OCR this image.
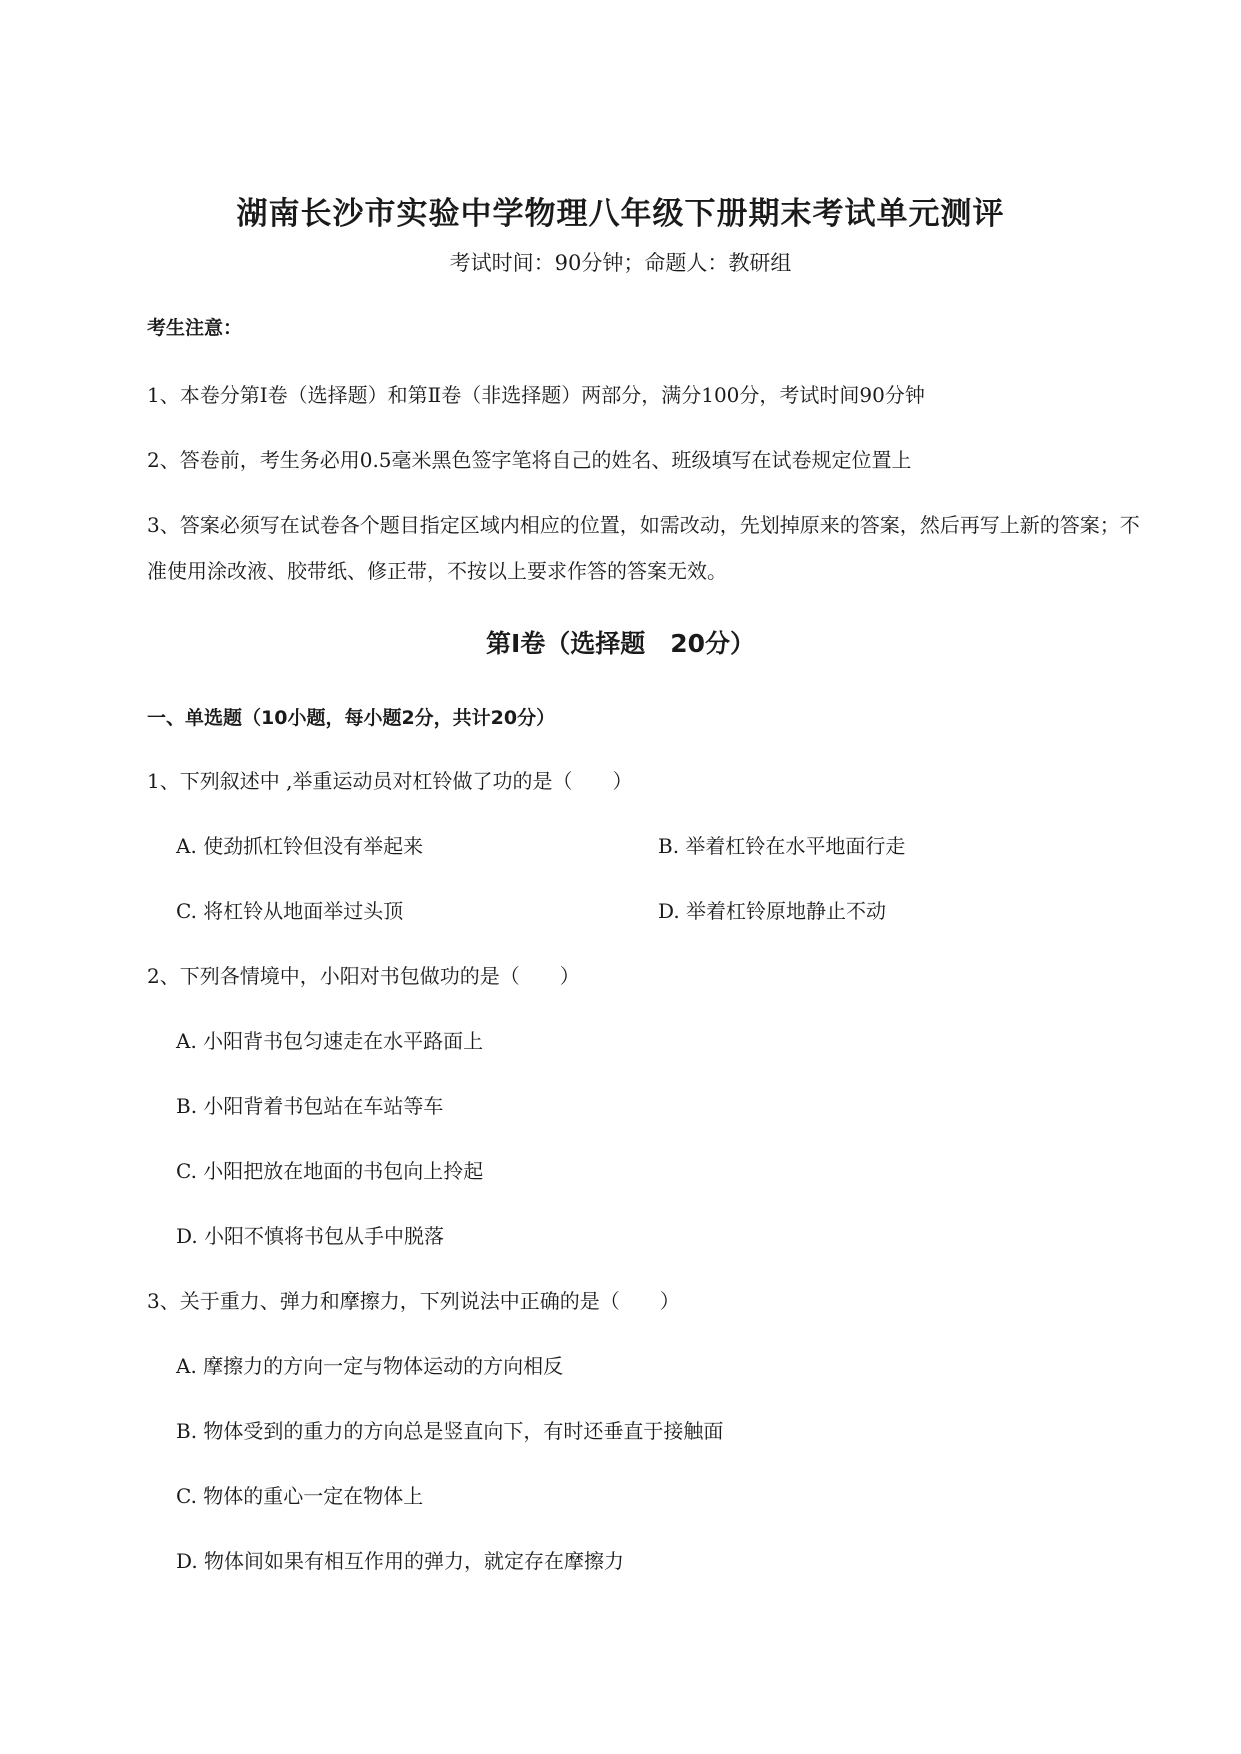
湖南长沙市实验中学物理八年级下册期末考试单元测评
考试时间：90分钟；命题人：教研组
考生注意：
1、本卷分第I卷（选择题）和第Ⅱ卷（非选择题）两部分，满分100分，考试时间90分钟
2、答卷前，考生务必用0.5毫米黑色签字笔将自己的姓名、班级填写在试卷规定位置上
3、答案必须写在试卷各个题目指定区域内相应的位置，如需改动，先划掉原来的答案，然后再写上新的答案；不准使用涂改液、胶带纸、修正带，不按以上要求作答的答案无效。
第I卷（选择题　20分）
一、单选题（10小题，每小题2分，共计20分）
1、下列叙述中 ,举重运动员对杠铃做了功的是（　　）
A. 使劲抓杠铃但没有举起来	B. 举着杠铃在水平地面行走
C. 将杠铃从地面举过头顶	D. 举着杠铃原地静止不动
2、下列各情境中，小阳对书包做功的是（　　）
A. 小阳背书包匀速走在水平路面上
B. 小阳背着书包站在车站等车
C. 小阳把放在地面的书包向上拎起
D. 小阳不慎将书包从手中脱落
3、关于重力、弹力和摩擦力，下列说法中正确的是（　　）
A. 摩擦力的方向一定与物体运动的方向相反
B. 物体受到的重力的方向总是竖直向下，有时还垂直于接触面
C. 物体的重心一定在物体上
D. 物体间如果有相互作用的弹力，就定存在摩擦力
